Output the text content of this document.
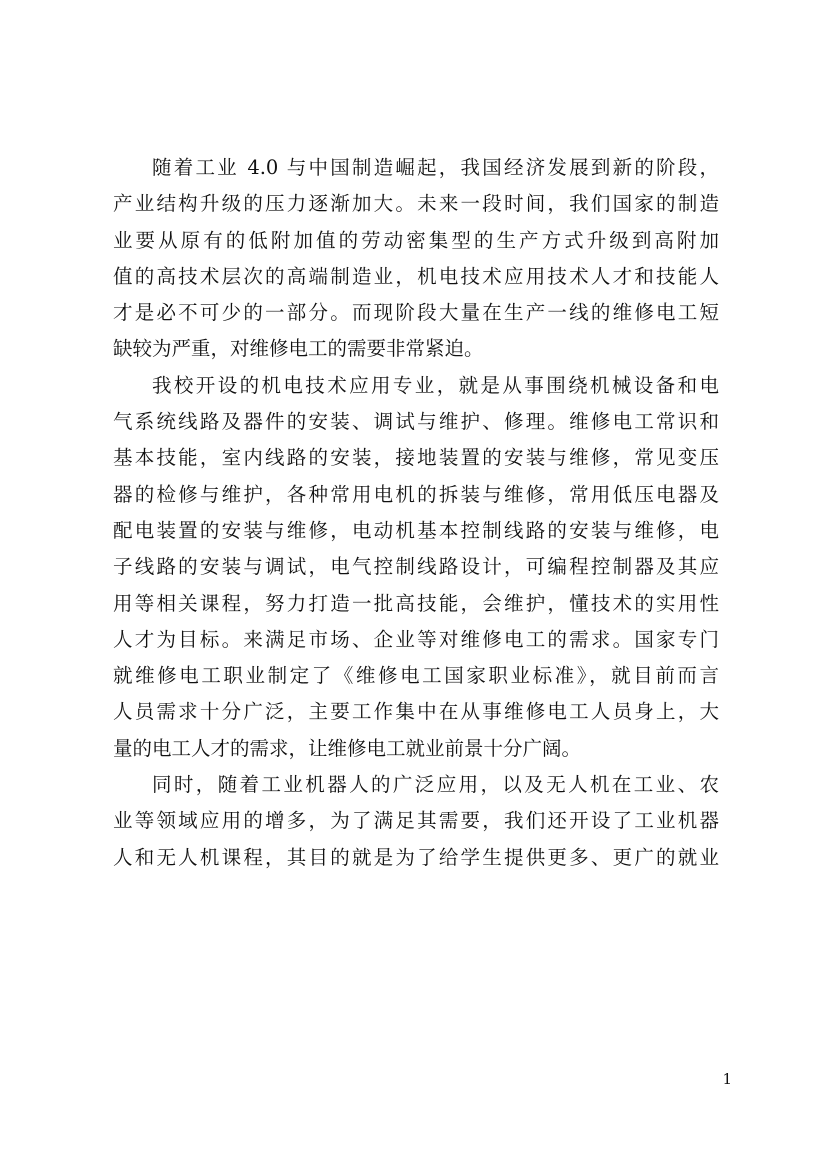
随着工业 4.0 与中国制造崛起，我国经济发展到新的阶段，
产业结构升级的压力逐渐加大。未来一段时间，我们国家的制造
业要从原有的低附加值的劳动密集型的生产方式升级到高附加
值的高技术层次的高端制造业，机电技术应用技术人才和技能人
才是必不可少的一部分。而现阶段大量在生产一线的维修电工短
缺较为严重，对维修电工的需要非常紧迫。
我校开设的机电技术应用专业，就是从事围绕机械设备和电
气系统线路及器件的安装、调试与维护、修理。维修电工常识和
基本技能，室内线路的安装，接地装置的安装与维修，常见变压
器的检修与维护，各种常用电机的拆装与维修，常用低压电器及
配电装置的安装与维修，电动机基本控制线路的安装与维修，电
子线路的安装与调试，电气控制线路设计，可编程控制器及其应
用等相关课程，努力打造一批高技能，会维护，懂技术的实用性
人才为目标。来满足市场、企业等对维修电工的需求。国家专门
就维修电工职业制定了《维修电工国家职业标准》，就目前而言
人员需求十分广泛，主要工作集中在从事维修电工人员身上，大
量的电工人才的需求，让维修电工就业前景十分广阔。
同时，随着工业机器人的广泛应用，以及无人机在工业、农
业等领域应用的增多，为了满足其需要，我们还开设了工业机器
人和无人机课程，其目的就是为了给学生提供更多、更广的就业
1
